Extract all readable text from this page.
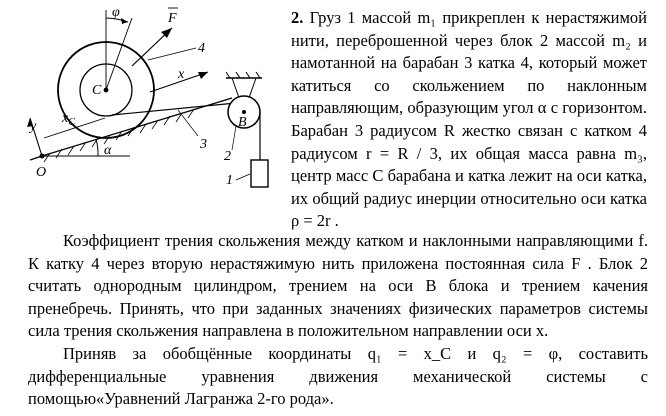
φ	F
x
y
$x_C$
C
B
O
α
4
3
2
1
2. Груз 1 массой m₁ прикреплен к нерастяжимой нити, переброшенной через блок 2 массой m₂ и намотанной на барабан 3 катка 4, который может катиться со скольжением по наклонным направляющим, образующим угол α с горизонтом. Барабан 3 радиусом R жестко связан с катком 4 радиусом r = R / 3, их общая масса равна m₃, центр масс C барабана и катка лежит на оси катка, их общий радиус инерции относительно оси катка ρ = 2r .

Коэффициент трения скольжения между катком и наклонными направляющими f. К катку 4 через вторую нерастяжимую нить приложена постоянная сила F . Блок 2 считать однородным цилиндром, трением на оси B блока и трением качения пренебречь. Принять, что при заданных значениях физических параметров системы сила трения скольжения направлена в положительном направлении оси x.

Приняв за обобщённые координаты q₁ = x_C и q₂ = φ, составить дифференциальные уравнения движения механической системы с помощью«Уравнений Лагранжа 2-го рода».
